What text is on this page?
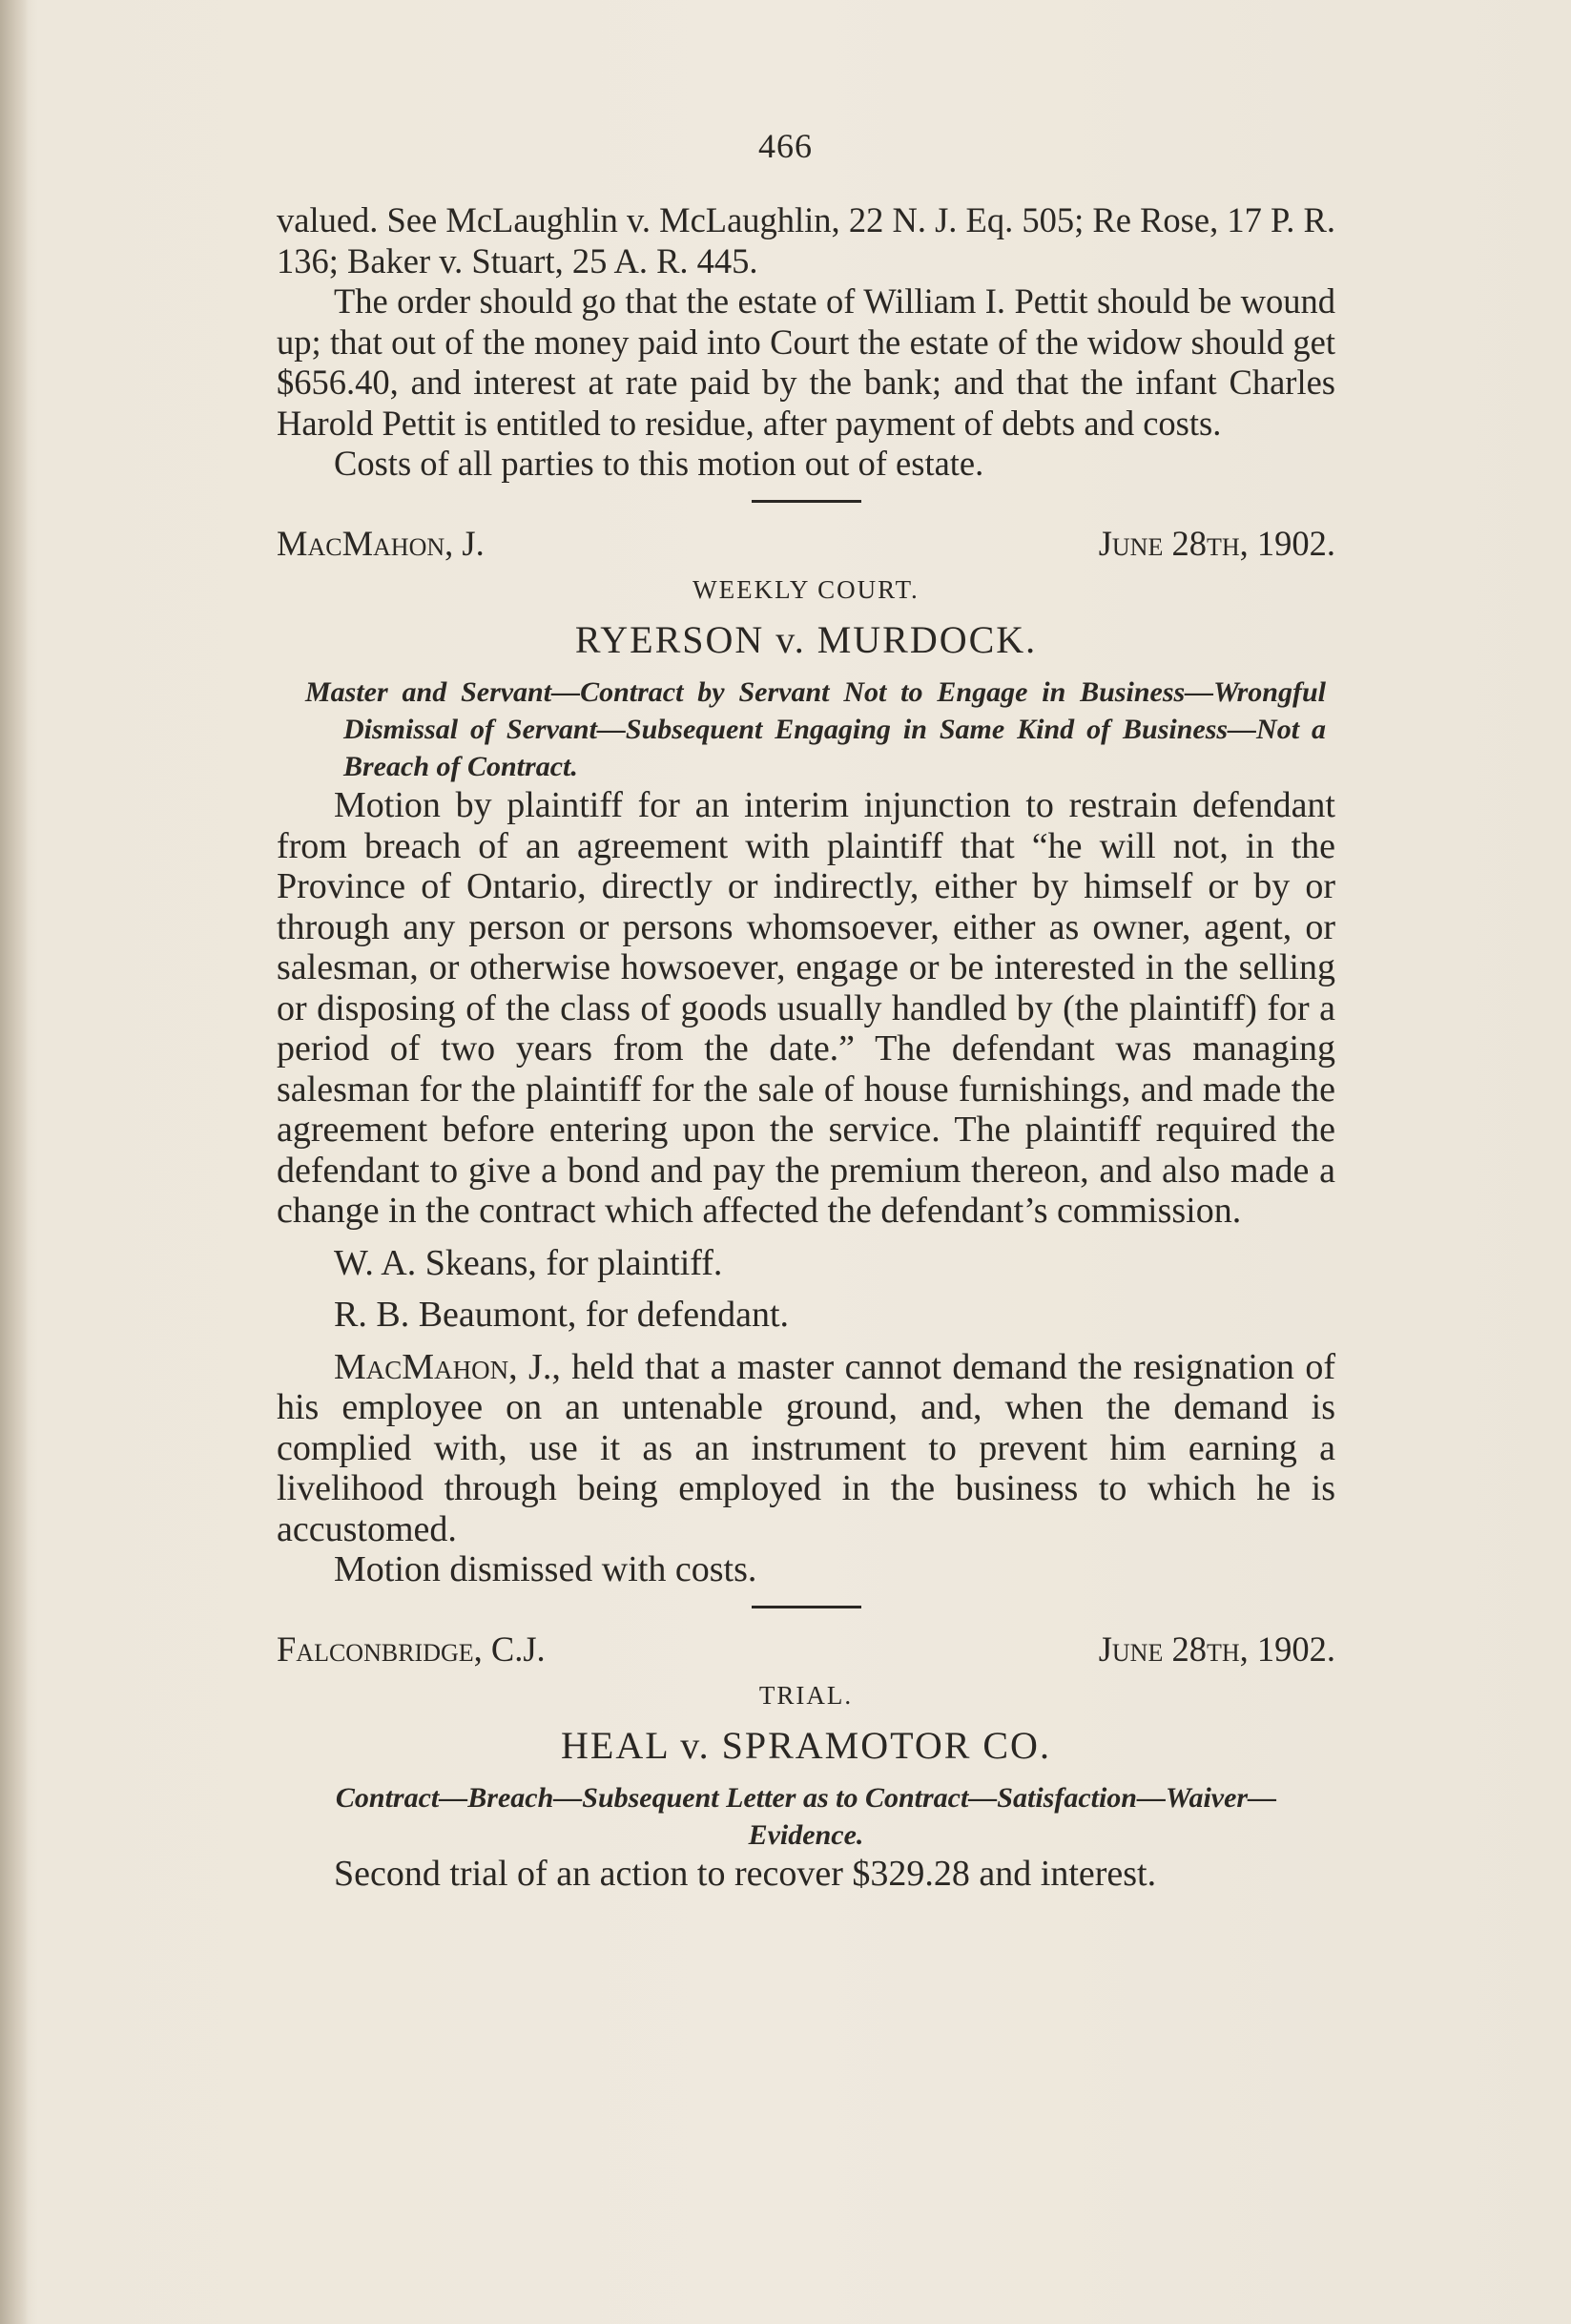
466

valued. See McLaughlin v. McLaughlin, 22 N. J. Eq. 505; Re Rose, 17 P. R. 136; Baker v. Stuart, 25 A. R. 445.

The order should go that the estate of William I. Pettit should be wound up; that out of the money paid into Court the estate of the widow should get $656.40, and interest at rate paid by the bank; and that the infant Charles Harold Pettit is entitled to residue, after payment of debts and costs.

Costs of all parties to this motion out of estate.

MacMahon, J.	June 28th, 1902.
WEEKLY COURT.
RYERSON v. MURDOCK.

Master and Servant—Contract by Servant Not to Engage in Business—Wrongful Dismissal of Servant—Subsequent Engaging in Same Kind of Business—Not a Breach of Contract.

Motion by plaintiff for an interim injunction to restrain defendant from breach of an agreement with plaintiff that “he will not, in the Province of Ontario, directly or indirectly, either by himself or by or through any person or persons whomsoever, either as owner, agent, or salesman, or otherwise howsoever, engage or be interested in the selling or disposing of the class of goods usually handled by (the plaintiff) for a period of two years from the date.” The defendant was managing salesman for the plaintiff for the sale of house furnishings, and made the agreement before entering upon the service. The plaintiff required the defendant to give a bond and pay the premium thereon, and also made a change in the contract which affected the defendant’s commission.

W. A. Skeans, for plaintiff.

R. B. Beaumont, for defendant.

MacMahon, J., held that a master cannot demand the resignation of his employee on an untenable ground, and, when the demand is complied with, use it as an instrument to prevent him earning a livelihood through being employed in the business to which he is accustomed.

Motion dismissed with costs.

Falconbridge, C.J.	June 28th, 1902.
TRIAL.
HEAL v. SPRAMOTOR CO.

Contract—Breach—Subsequent Letter as to Contract—Satisfaction—Waiver—Evidence.

Second trial of an action to recover $329.28 and interest.
